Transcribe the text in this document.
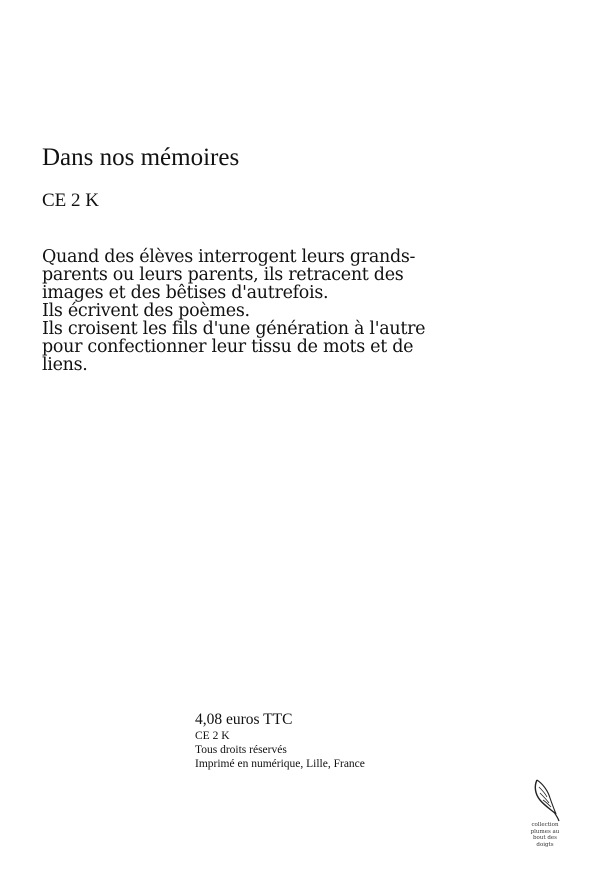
Dans nos mémoires
CE 2 K
Quand des élèves interrogent leurs grands-
parents ou leurs parents, ils retracent des
images et des bêtises d'autrefois.
Ils écrivent des poèmes.
Ils croisent les fils d'une génération à l'autre
pour confectionner leur tissu de mots et de
liens.
4,08 euros TTC
CE 2 K
Tous droits réservés
Imprimé en numérique, Lille, France
collection
plumes au
bout des
doigts
